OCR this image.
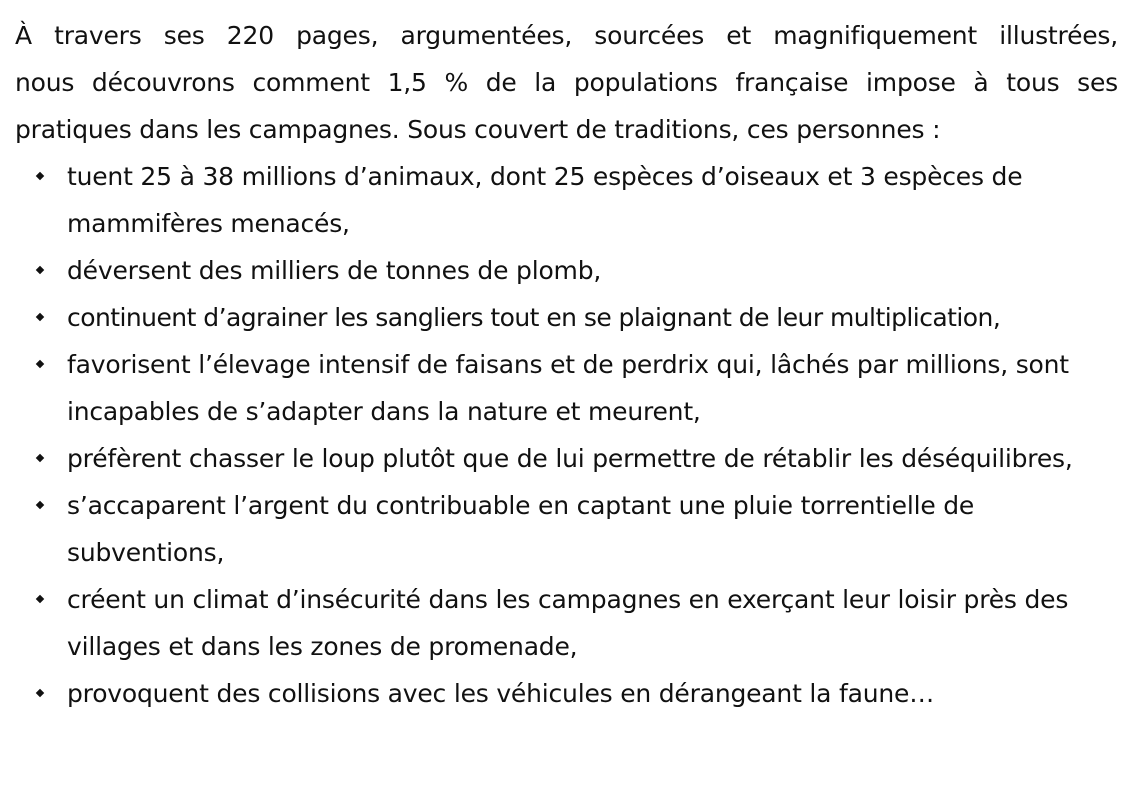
À travers ses 220 pages, argumentées, sourcées et magnifiquement illustrées,
nous découvrons comment 1,5 % de la populations française impose à tous ses
pratiques dans les campagnes. Sous couvert de traditions, ces personnes :

tuent 25 à 38 millions d’animaux, dont 25 espèces d’oiseaux et 3 espèces de mammifères menacés,
déversent des milliers de tonnes de plomb,
continuent d’agrainer les sangliers tout en se plaignant de leur multiplication,
favorisent l’élevage intensif de faisans et de perdrix qui, lâchés par millions, sont incapables de s’adapter dans la nature et meurent,
préfèrent chasser le loup plutôt que de lui permettre de rétablir les déséquilibres,
s’accaparent l’argent du contribuable en captant une pluie torrentielle de subventions,
créent un climat d’insécurité dans les campagnes en exerçant leur loisir près des villages et dans les zones de promenade,
provoquent des collisions avec les véhicules en dérangeant la faune…
